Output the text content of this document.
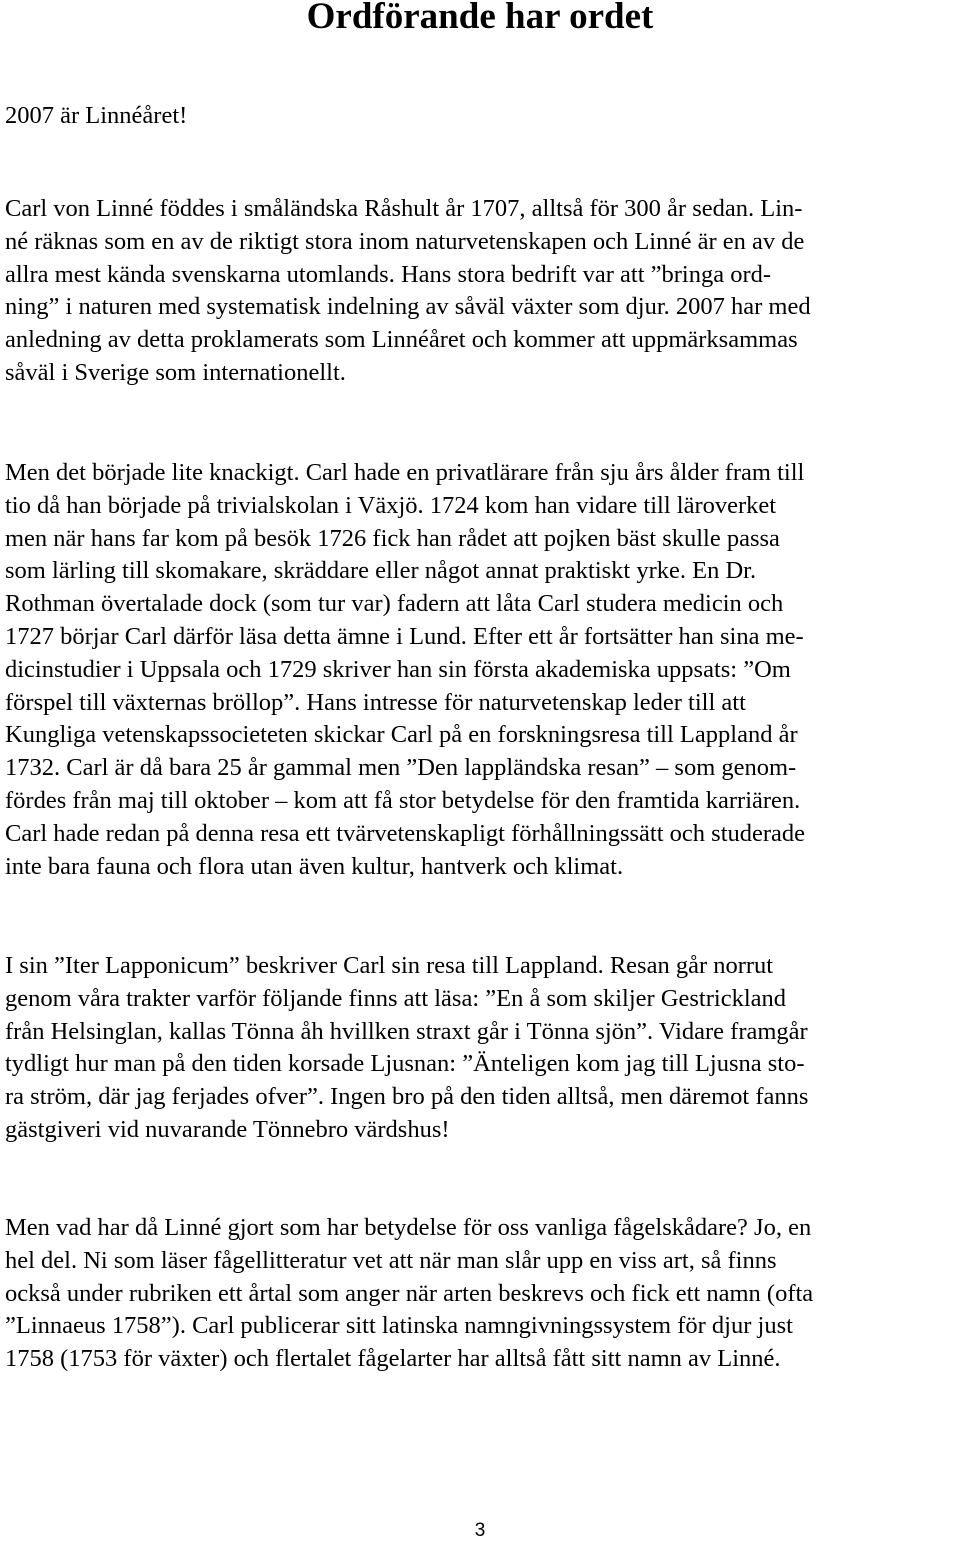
Ordförande har ordet

2007 är Linnéåret!

Carl von Linné föddes i småländska Råshult år 1707, alltså för 300 år sedan. Lin-
né räknas som en av de riktigt stora inom naturvetenskapen och Linné är en av de
allra mest kända svenskarna utomlands. Hans stora bedrift var att ”bringa ord-
ning” i naturen med systematisk indelning av såväl växter som djur. 2007 har med
anledning av detta proklamerats som Linnéåret och kommer att uppmärksammas
såväl i Sverige som internationellt.

Men det började lite knackigt. Carl hade en privatlärare från sju års ålder fram till
tio då han började på trivialskolan i Växjö. 1724 kom han vidare till läroverket
men när hans far kom på besök 1726 fick han rådet att pojken bäst skulle passa
som lärling till skomakare, skräddare eller något annat praktiskt yrke. En Dr.
Rothman övertalade dock (som tur var) fadern att låta Carl studera medicin och
1727 börjar Carl därför läsa detta ämne i Lund. Efter ett år fortsätter han sina me-
dicinstudier i Uppsala och 1729 skriver han sin första akademiska uppsats: ”Om
förspel till växternas bröllop”. Hans intresse för naturvetenskap leder till att
Kungliga vetenskapssocieteten skickar Carl på en forskningsresa till Lappland år
1732. Carl är då bara 25 år gammal men ”Den lappländska resan” – som genom-
fördes från maj till oktober – kom att få stor betydelse för den framtida karriären.
Carl hade redan på denna resa ett tvärvetenskapligt förhållningssätt och studerade
inte bara fauna och flora utan även kultur, hantverk och klimat.

I sin ”Iter Lapponicum” beskriver Carl sin resa till Lappland. Resan går norrut
genom våra trakter varför följande finns att läsa: ”En å som skiljer Gestrickland
från Helsinglan, kallas Tönna åh hvillken straxt går i Tönna sjön”. Vidare framgår
tydligt hur man på den tiden korsade Ljusnan: ”Änteligen kom jag till Ljusna sto-
ra ström, där jag ferjades ofver”. Ingen bro på den tiden alltså, men däremot fanns
gästgiveri vid nuvarande Tönnebro värdshus!

Men vad har då Linné gjort som har betydelse för oss vanliga fågelskådare? Jo, en
hel del. Ni som läser fågellitteratur vet att när man slår upp en viss art, så finns
också under rubriken ett årtal som anger när arten beskrevs och fick ett namn (ofta
”Linnaeus 1758”). Carl publicerar sitt latinska namngivningssystem för djur just
1758 (1753 för växter) och flertalet fågelarter har alltså fått sitt namn av Linné.

3
